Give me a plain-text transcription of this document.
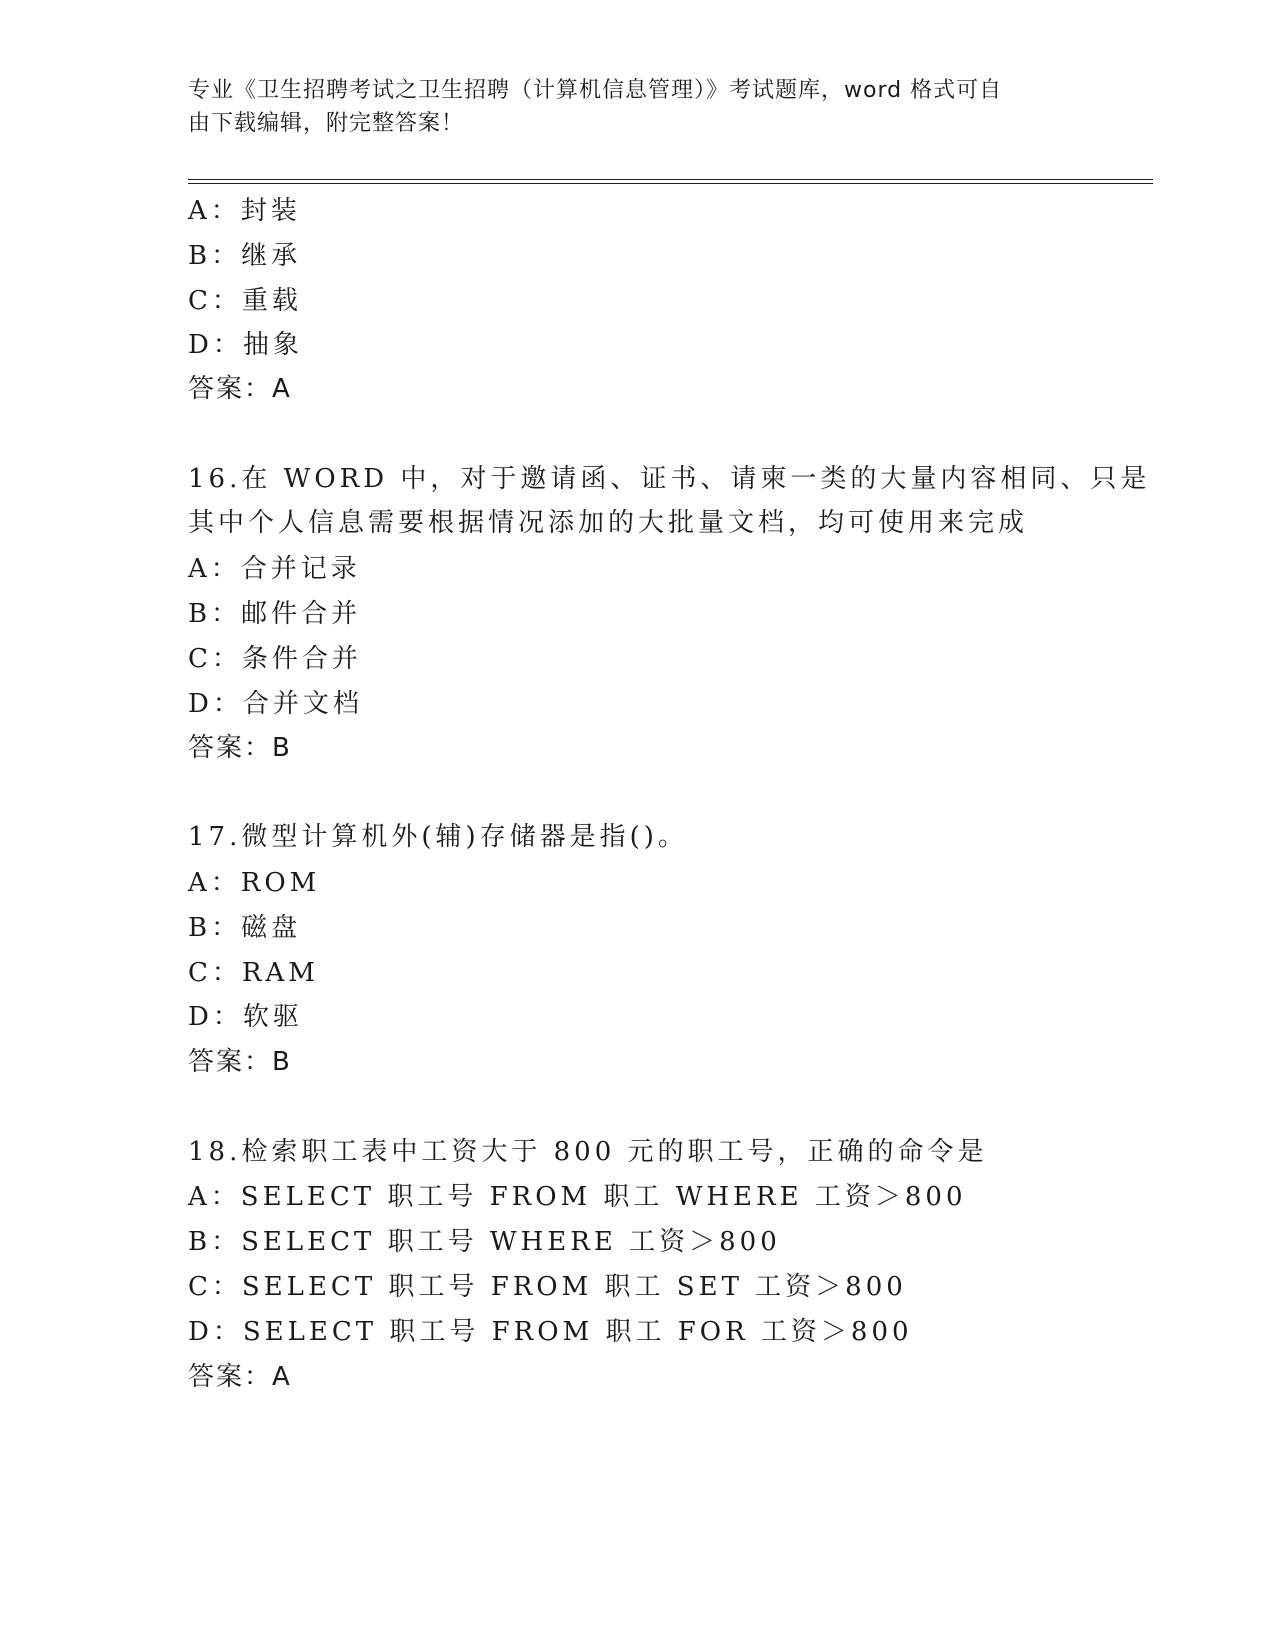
专业《卫生招聘考试之卫生招聘（计算机信息管理）》考试题库，word 格式可自
由下载编辑，附完整答案！
A：封装
B：继承
C：重载
D：抽象
答案：A
16.在 WORD 中，对于邀请函、证书、请柬一类的大量内容相同、只是
其中个人信息需要根据情况添加的大批量文档，均可使用来完成
A：合并记录
B：邮件合并
C：条件合并
D：合并文档
答案：B
17.微型计算机外(辅)存储器是指()。
A：ROM
B：磁盘
C：RAM
D：软驱
答案：B
18.检索职工表中工资大于 800 元的职工号，正确的命令是
A：SELECT 职工号 FROM 职工 WHERE 工资＞800
B：SELECT 职工号 WHERE 工资＞800
C：SELECT 职工号 FROM 职工 SET 工资＞800
D：SELECT 职工号 FROM 职工 FOR 工资＞800
答案：A
